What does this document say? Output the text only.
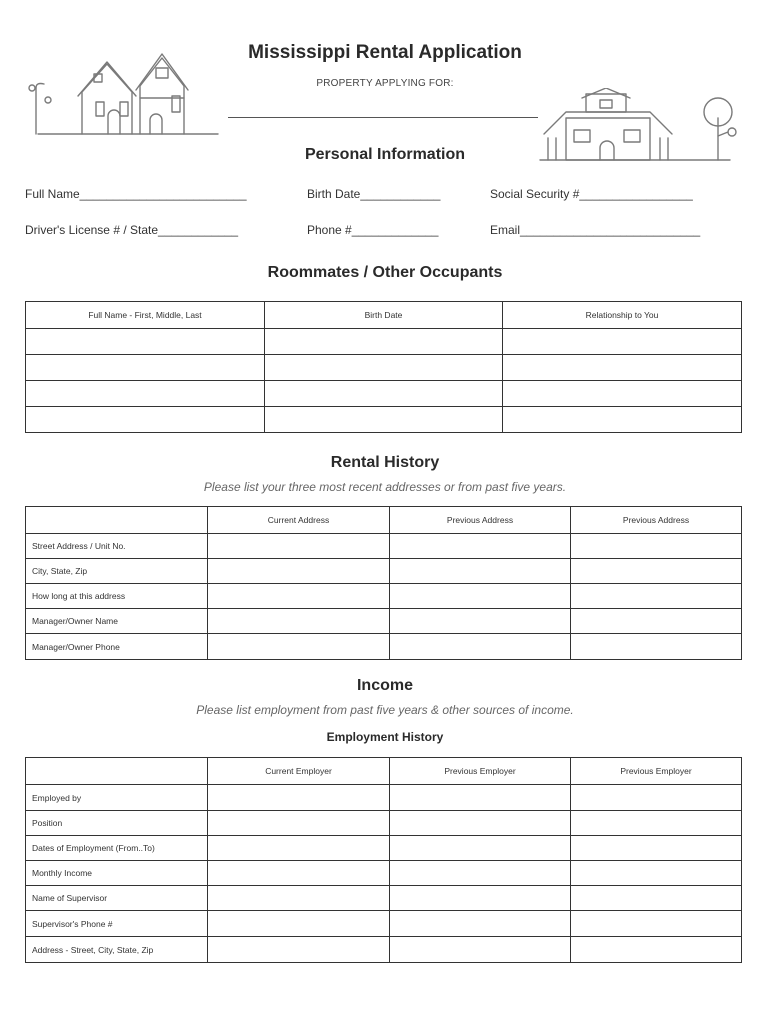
Mississippi Rental Application
PROPERTY APPLYING FOR:
Personal Information
Full Name_________________________	Birth Date____________	Social Security #_________________
Driver's License # / State____________	Phone #_____________	Email___________________________
Roommates / Other Occupants
Full Name - First, Middle, Last	Birth Date	Relationship to You

Rental History
Please list your three most recent addresses or from past five years.
	Current Address	Previous Address	Previous Address
Street Address / Unit No.			
City, State, Zip			
How long at this address			
Manager/Owner Name			
Manager/Owner Phone			
Income
Please list employment from past five years & other sources of income.
Employment History
	Current Employer	Previous Employer	Previous Employer
Employed by			
Position			
Dates of Employment (From..To)			
Monthly Income			
Name of Supervisor			
Supervisor's Phone #			
Address - Street, City, State, Zip			
